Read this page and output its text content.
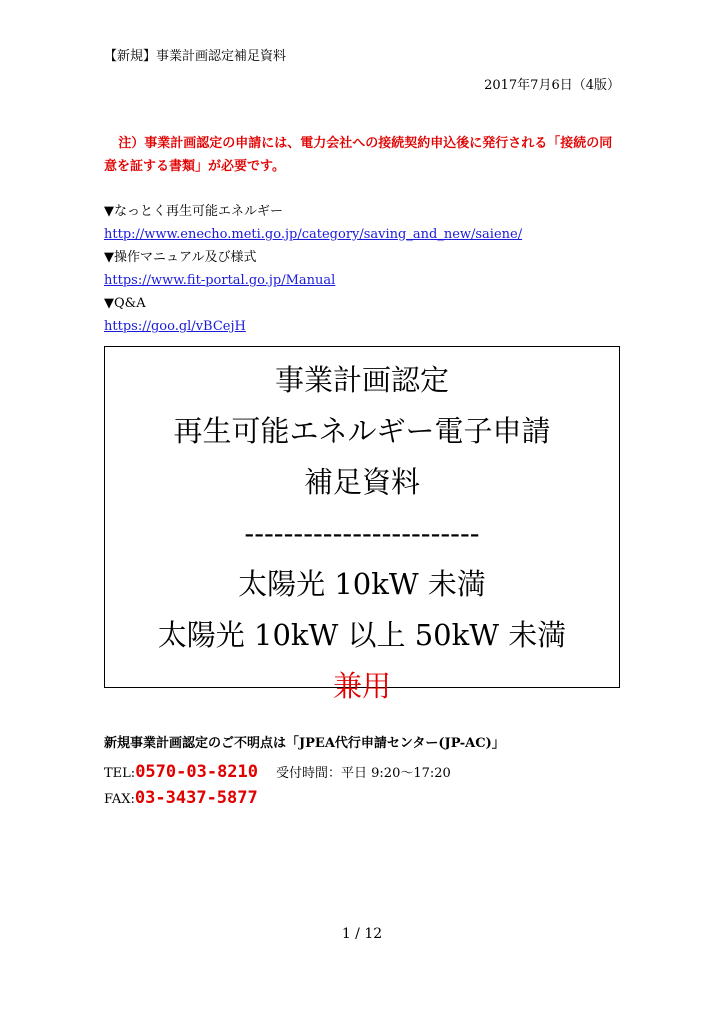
【新規】事業計画認定補足資料
2017年7月6日（4版）
注）事業計画認定の申請には、電力会社への接続契約申込後に発行される「接続の同意を証する書類」が必要です。
▼なっとく再生可能エネルギー
http://www.enecho.meti.go.jp/category/saving_and_new/saiene/
▼操作マニュアル及び様式
https://www.fit-portal.go.jp/Manual
▼Q&A
https://goo.gl/vBCejH
事業計画認定
再生可能エネルギー電子申請
補足資料
------------------------
太陽光 10kW 未満
太陽光 10kW 以上 50kW 未満
兼用
新規事業計画認定のご不明点は「JPEA代行申請センター(JP-AC)」
TEL:0570-03-8210 受付時間：平日 9:20～17:20
FAX:03-3437-5877
1 / 12
